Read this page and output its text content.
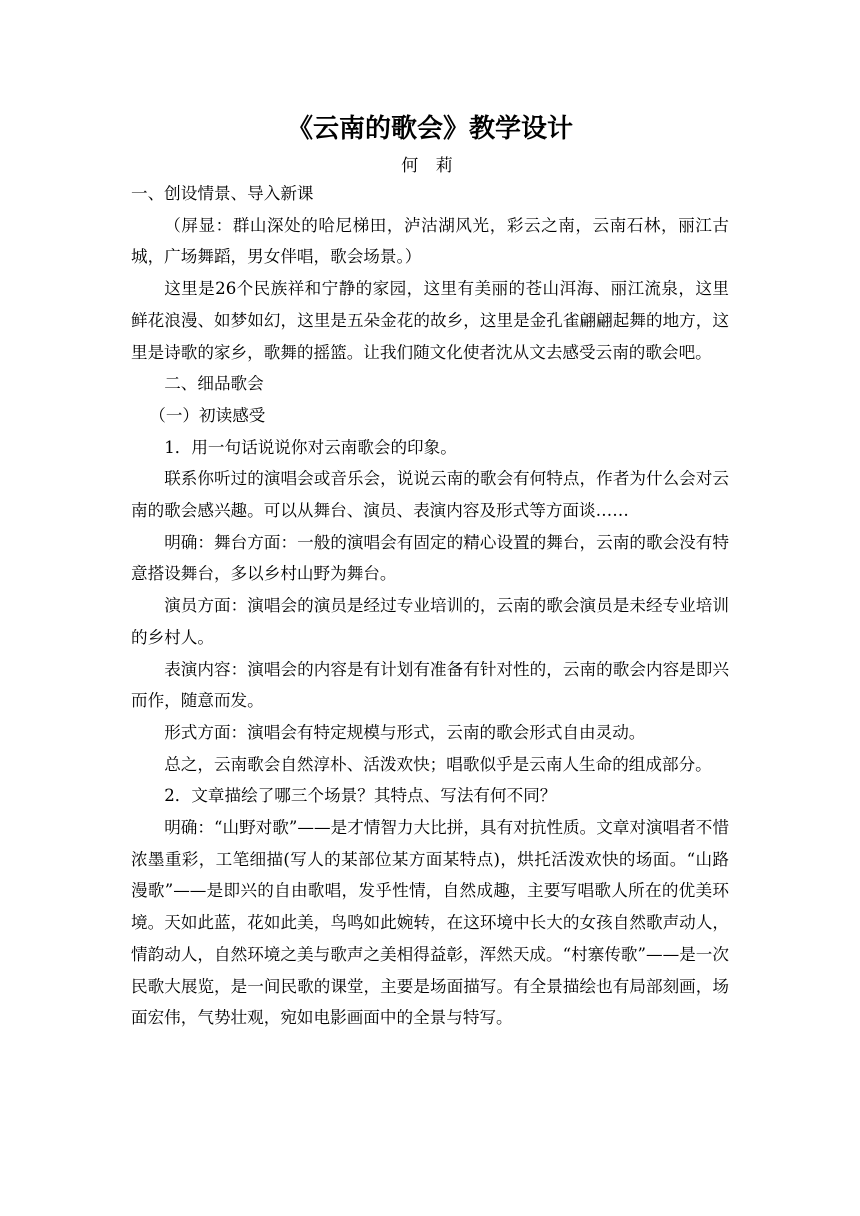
《云南的歌会》教学设计
何 莉

一、创设情景、导入新课

（屏显：群山深处的哈尼梯田，泸沽湖风光，彩云之南，云南石林，丽江古城，广场舞蹈，男女伴唱，歌会场景。）

这里是26个民族祥和宁静的家园，这里有美丽的苍山洱海、丽江流泉，这里鲜花浪漫、如梦如幻，这里是五朵金花的故乡，这里是金孔雀翩翩起舞的地方，这里是诗歌的家乡，歌舞的摇篮。让我们随文化使者沈从文去感受云南的歌会吧。

二、细品歌会

（一）初读感受

1．用一句话说说你对云南歌会的印象。

联系你听过的演唱会或音乐会，说说云南的歌会有何特点，作者为什么会对云南的歌会感兴趣。可以从舞台、演员、表演内容及形式等方面谈……

明确：舞台方面：一般的演唱会有固定的精心设置的舞台，云南的歌会没有特意搭设舞台，多以乡村山野为舞台。

演员方面：演唱会的演员是经过专业培训的，云南的歌会演员是未经专业培训的乡村人。

表演内容：演唱会的内容是有计划有准备有针对性的，云南的歌会内容是即兴而作，随意而发。

形式方面：演唱会有特定规模与形式，云南的歌会形式自由灵动。

总之，云南歌会自然淳朴、活泼欢快；唱歌似乎是云南人生命的组成部分。

2．文章描绘了哪三个场景？其特点、写法有何不同？

明确：“山野对歌”——是才情智力大比拼，具有对抗性质。文章对演唱者不惜浓墨重彩，工笔细描(写人的某部位某方面某特点)，烘托活泼欢快的场面。“山路漫歌”——是即兴的自由歌唱，发乎性情，自然成趣，主要写唱歌人所在的优美环境。天如此蓝，花如此美，鸟鸣如此婉转，在这环境中长大的女孩自然歌声动人，情韵动人，自然环境之美与歌声之美相得益彰，浑然天成。“村寨传歌”——是一次民歌大展览，是一间民歌的课堂，主要是场面描写。有全景描绘也有局部刻画，场面宏伟，气势壮观，宛如电影画面中的全景与特写。
